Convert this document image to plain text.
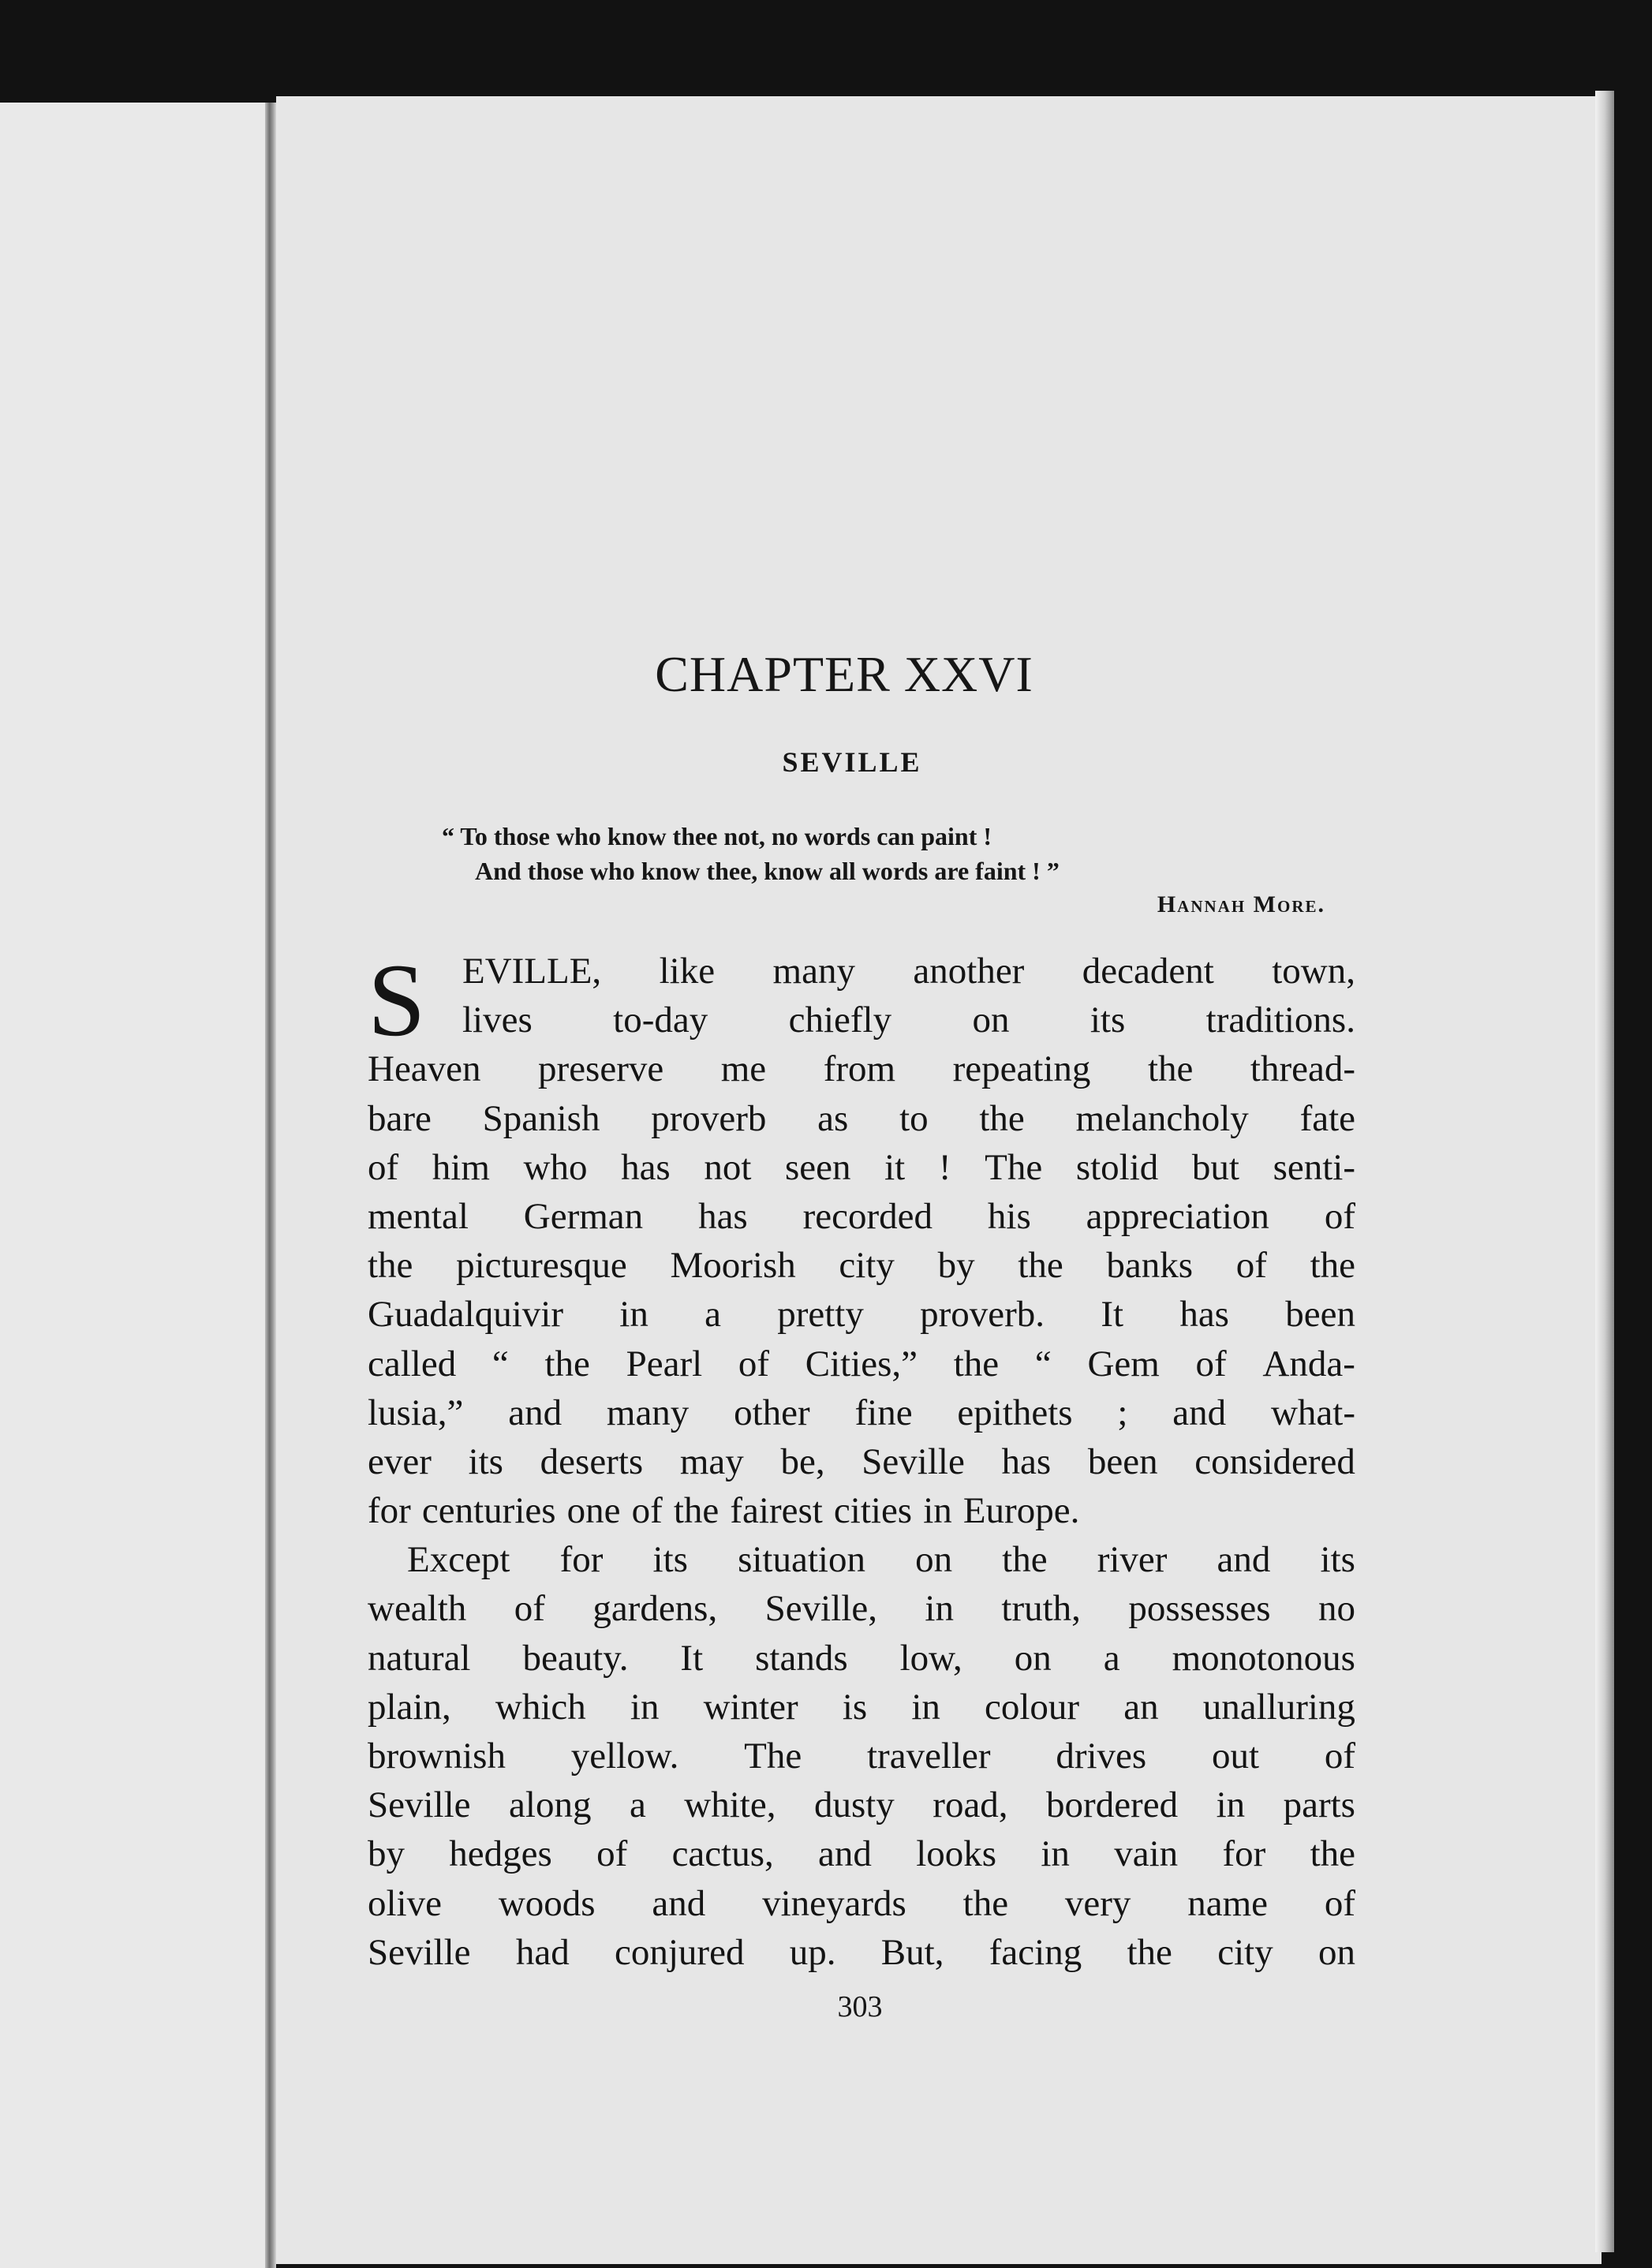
CHAPTER XXVI
SEVILLE
“ To those who know thee not, no words can paint !
And those who know thee, know all words are faint ! ”
Hannah More.
S EVILLE, like many another decadent town,
lives to-day chiefly on its traditions.
Heaven preserve me from repeating the thread-
bare Spanish proverb as to the melancholy fate
of him who has not seen it ! The stolid but senti-
mental German has recorded his appreciation of
the picturesque Moorish city by the banks of the
Guadalquivir in a pretty proverb. It has been
called “ the Pearl of Cities,” the “ Gem of Anda-
lusia,” and many other fine epithets ; and what-
ever its deserts may be, Seville has been considered
for centuries one of the fairest cities in Europe.
Except for its situation on the river and its
wealth of gardens, Seville, in truth, possesses no
natural beauty. It stands low, on a monotonous
plain, which in winter is in colour an unalluring
brownish yellow. The traveller drives out of
Seville along a white, dusty road, bordered in parts
by hedges of cactus, and looks in vain for the
olive woods and vineyards the very name of
Seville had conjured up. But, facing the city on
303
